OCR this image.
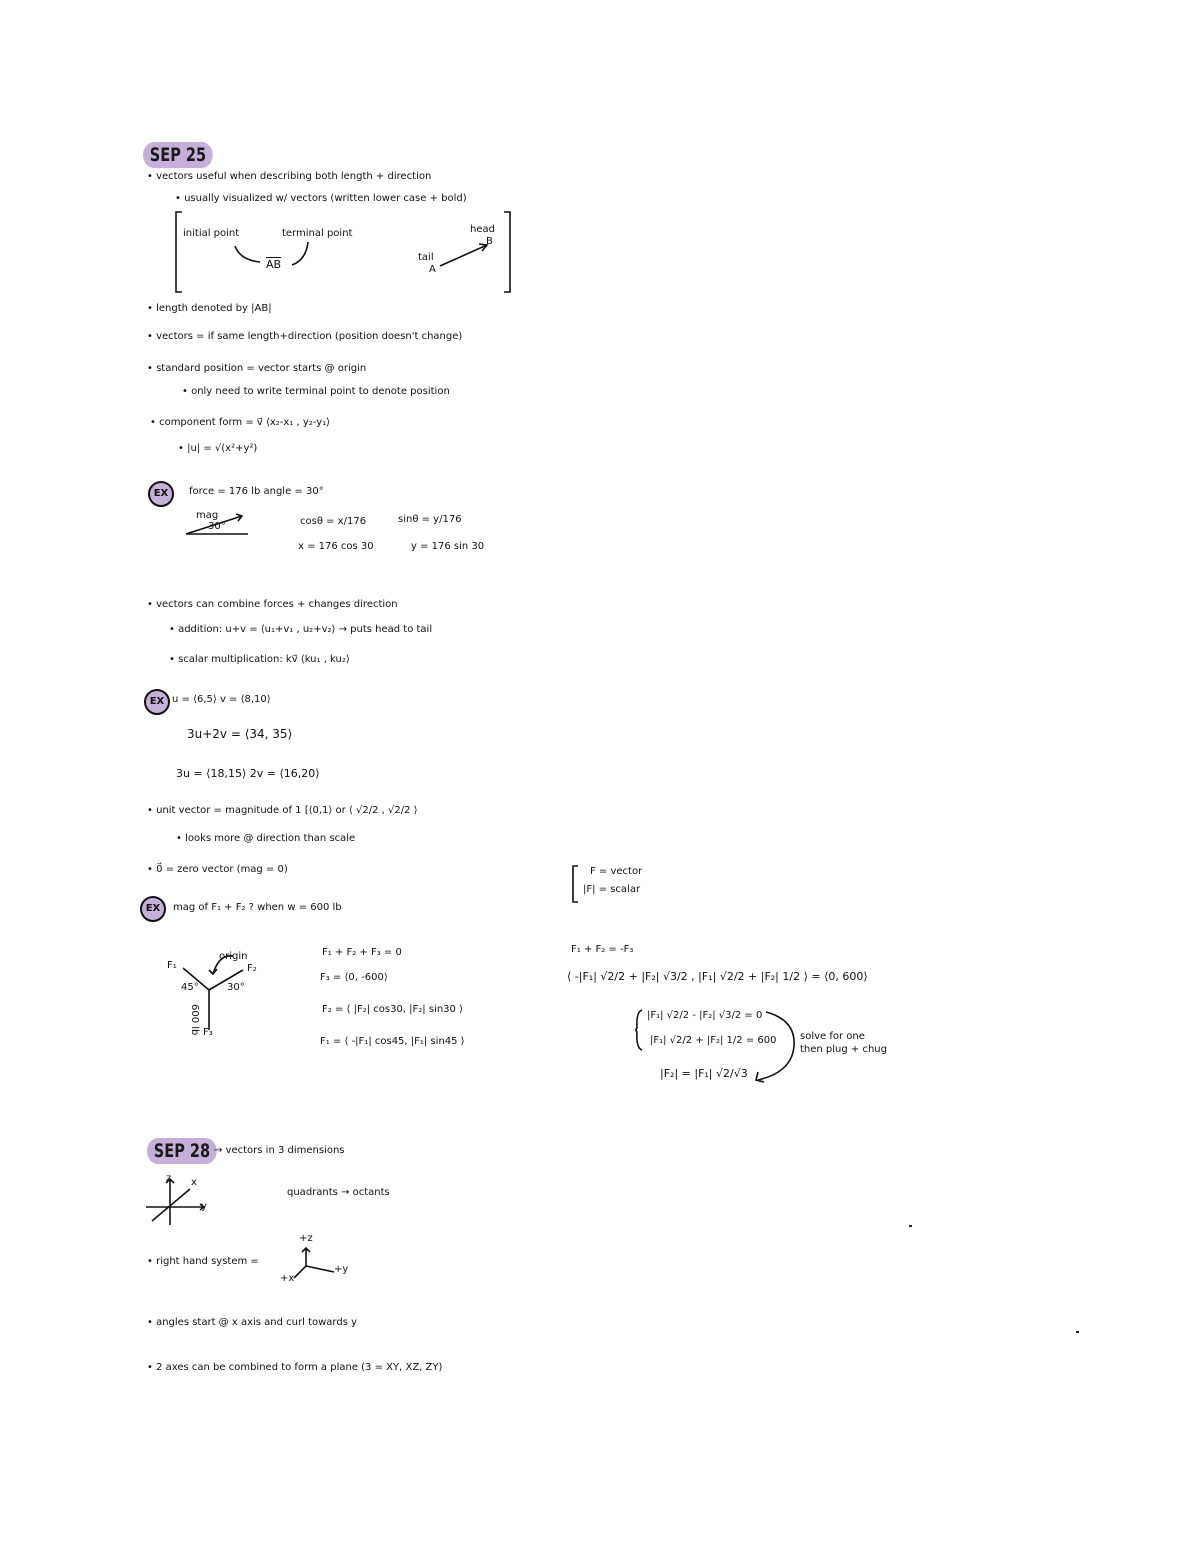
SEP 25
• vectors useful when describing both length + direction
• usually visualized w/ vectors (written lower case + bold)
initial point	terminal point
$\overline{AB}$
head
B
tail
A
• length denoted by |AB|
• vectors = if same length+direction (position doesn't change)
• standard position = vector starts @ origin
• only need to write terminal point to denote position
• component form = v⃗ ⟨x₂-x₁ , y₂-y₁⟩
• |u| = √(x²+y²)
EX	force = 176 lb angle = 30°
mag
30°	cosθ = x/176	sinθ = y/176
x = 176 cos 30	y = 176 sin 30
• vectors can combine forces + changes direction
• addition: u+v = ⟨u₁+v₁ , u₂+v₂⟩ → puts head to tail
• scalar multiplication: kv⃗ ⟨ku₁ , ku₂⟩
EX u = ⟨6,5⟩ v = ⟨8,10⟩
3u+2v = ⟨34, 35⟩
3u = ⟨18,15⟩ 2v = ⟨16,20⟩
• unit vector = magnitude of 1 [⟨0,1⟩ or ⟨ √2/2 , √2/2 ⟩
• looks more @ direction than scale
• 0⃗ = zero vector (mag = 0)	F = vector
|F| = scalar
EX	mag of F₁ + F₂ ? when w = 600 lb
origin
F₁	F₂
45°	30°
600 lb F₃
F₁ + F₂ + F₃ = 0
F₃ = ⟨0, -600⟩
F₂ = ⟨ |F₂| cos30, |F₂| sin30 ⟩
F₁ = ⟨ -|F₁| cos45, |F₁| sin45 ⟩
F₁ + F₂ = -F₃
⟨ -|F₁| √2/2 + |F₂| √3/2 , |F₁| √2/2 + |F₂| 1/2 ⟩ = ⟨0, 600⟩
|F₁| √2/2 - |F₂| √3/2 = 0
|F₁| √2/2 + |F₂| 1/2 = 600
|F₂| = |F₁| √2/√3
solve for one
then plug + chug
SEP 28 → vectors in 3 dimensions
z x
y
quadrants → octants
• right hand system =
+z
+y
+x
• angles start @ x axis and curl towards y
• 2 axes can be combined to form a plane (3 = XY, XZ, ZY)
